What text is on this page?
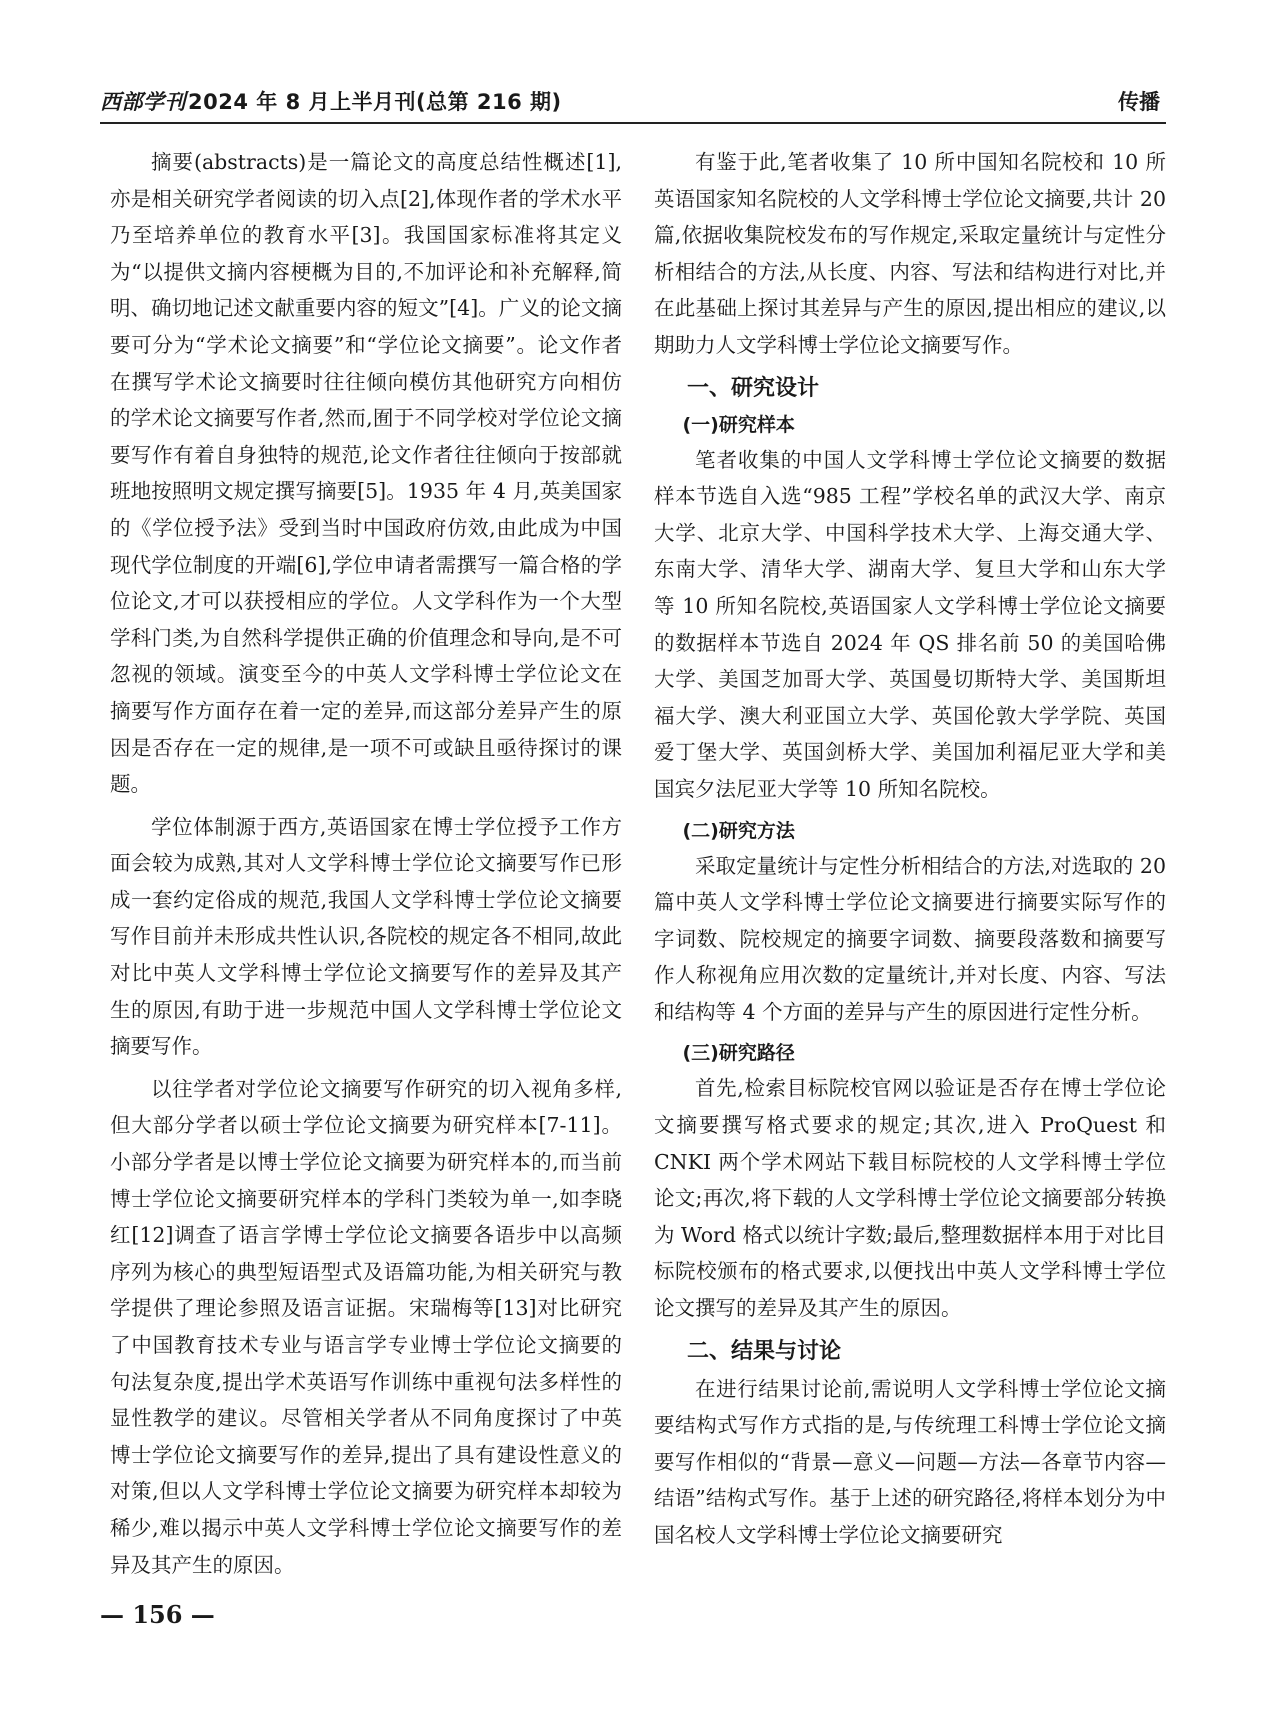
西部学刊2024 年 8 月上半月刊(总第 216 期)	传播

摘要(abstracts)是一篇论文的高度总结性概述[1],亦是相关研究学者阅读的切入点[2],体现作者的学术水平乃至培养单位的教育水平[3]。我国国家标准将其定义为“以提供文摘内容梗概为目的,不加评论和补充解释,简明、确切地记述文献重要内容的短文”[4]。广义的论文摘要可分为“学术论文摘要”和“学位论文摘要”。论文作者在撰写学术论文摘要时往往倾向模仿其他研究方向相仿的学术论文摘要写作者,然而,囿于不同学校对学位论文摘要写作有着自身独特的规范,论文作者往往倾向于按部就班地按照明文规定撰写摘要[5]。1935 年 4 月,英美国家的《学位授予法》受到当时中国政府仿效,由此成为中国现代学位制度的开端[6],学位申请者需撰写一篇合格的学位论文,才可以获授相应的学位。人文学科作为一个大型学科门类,为自然科学提供正确的价值理念和导向,是不可忽视的领域。演变至今的中英人文学科博士学位论文在摘要写作方面存在着一定的差异,而这部分差异产生的原因是否存在一定的规律,是一项不可或缺且亟待探讨的课题。

学位体制源于西方,英语国家在博士学位授予工作方面会较为成熟,其对人文学科博士学位论文摘要写作已形成一套约定俗成的规范,我国人文学科博士学位论文摘要写作目前并未形成共性认识,各院校的规定各不相同,故此对比中英人文学科博士学位论文摘要写作的差异及其产生的原因,有助于进一步规范中国人文学科博士学位论文摘要写作。

以往学者对学位论文摘要写作研究的切入视角多样,但大部分学者以硕士学位论文摘要为研究样本[7-11]。小部分学者是以博士学位论文摘要为研究样本的,而当前博士学位论文摘要研究样本的学科门类较为单一,如李晓红[12]调查了语言学博士学位论文摘要各语步中以高频序列为核心的典型短语型式及语篇功能,为相关研究与教学提供了理论参照及语言证据。宋瑞梅等[13]对比研究了中国教育技术专业与语言学专业博士学位论文摘要的句法复杂度,提出学术英语写作训练中重视句法多样性的显性教学的建议。尽管相关学者从不同角度探讨了中英博士学位论文摘要写作的差异,提出了具有建设性意义的对策,但以人文学科博士学位论文摘要为研究样本却较为稀少,难以揭示中英人文学科博士学位论文摘要写作的差异及其产生的原因。

有鉴于此,笔者收集了 10 所中国知名院校和 10 所英语国家知名院校的人文学科博士学位论文摘要,共计 20 篇,依据收集院校发布的写作规定,采取定量统计与定性分析相结合的方法,从长度、内容、写法和结构进行对比,并在此基础上探讨其差异与产生的原因,提出相应的建议,以期助力人文学科博士学位论文摘要写作。

一、研究设计
(一)研究样本

笔者收集的中国人文学科博士学位论文摘要的数据样本节选自入选“985 工程”学校名单的武汉大学、南京大学、北京大学、中国科学技术大学、上海交通大学、东南大学、清华大学、湖南大学、复旦大学和山东大学等 10 所知名院校,英语国家人文学科博士学位论文摘要的数据样本节选自 2024 年 QS 排名前 50 的美国哈佛大学、美国芝加哥大学、英国曼切斯特大学、美国斯坦福大学、澳大利亚国立大学、英国伦敦大学学院、英国爱丁堡大学、英国剑桥大学、美国加利福尼亚大学和美国宾夕法尼亚大学等 10 所知名院校。

(二)研究方法

采取定量统计与定性分析相结合的方法,对选取的 20 篇中英人文学科博士学位论文摘要进行摘要实际写作的字词数、院校规定的摘要字词数、摘要段落数和摘要写作人称视角应用次数的定量统计,并对长度、内容、写法和结构等 4 个方面的差异与产生的原因进行定性分析。

(三)研究路径

首先,检索目标院校官网以验证是否存在博士学位论文摘要撰写格式要求的规定;其次,进入 ProQuest 和 CNKI 两个学术网站下载目标院校的人文学科博士学位论文;再次,将下载的人文学科博士学位论文摘要部分转换为 Word 格式以统计字数;最后,整理数据样本用于对比目标院校颁布的格式要求,以便找出中英人文学科博士学位论文撰写的差异及其产生的原因。

二、结果与讨论

在进行结果讨论前,需说明人文学科博士学位论文摘要结构式写作方式指的是,与传统理工科博士学位论文摘要写作相似的“背景—意义—问题—方法—各章节内容—结语”结构式写作。基于上述的研究路径,将样本划分为中国名校人文学科博士学位论文摘要研究

— 156 —
